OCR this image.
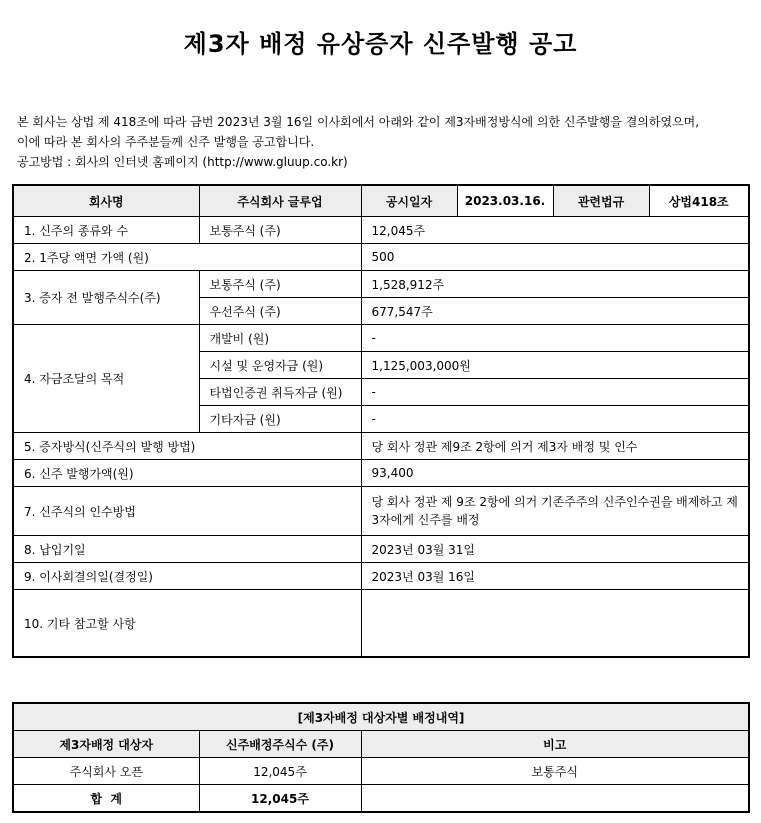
제3자 배정 유상증자 신주발행 공고
본 회사는 상법 제 418조에 따라 금번 2023년 3월 16일 이사회에서 아래와 같이 제3자배정방식에 의한 신주발행을 결의하였으며,
이에 따라 본 회사의 주주분들께 신주 발행을 공고합니다.
공고방법 : 회사의 인터넷 홈페이지 (http://www.gluup.co.kr)
회사명	주식회사 글루업	공시일자	2023.03.16.	관련법규	상법418조
1. 신주의 종류와 수	보통주식 (주)	12,045주			
2. 1주당 액면 가액 (원)		500			
3. 증자 전 발행주식수(주)	보통주식 (주)	1,528,912주			
	우선주식 (주)	677,547주			
4. 자금조달의 목적	개발비 (원)	-			
	시설 및 운영자금 (원)	1,125,003,000원			
	타법인증권 취득자금 (원)	-			
	기타자금 (원)	-			
5. 증자방식(신주식의 발행 방법)		당 회사 정관 제9조 2항에 의거 제3자 배정 및 인수			
6. 신주 발행가액(원)		93,400			
7. 신주식의 인수방법		당 회사 정관 제 9조 2항에 의거 기존주주의 신주인수권을 배제하고 제 3자에게 신주를 배정			
8. 납입기일		2023년 03월 31일			
9. 이사회결의일(결정일)		2023년 03월 16일			
10. 기타 참고할 사항					
[제3자배정 대상자별 배정내역]		
제3자배정 대상자	신주배정주식수 (주)	비고
주식회사 오픈	12,045주	보통주식
합  계	12,045주	
